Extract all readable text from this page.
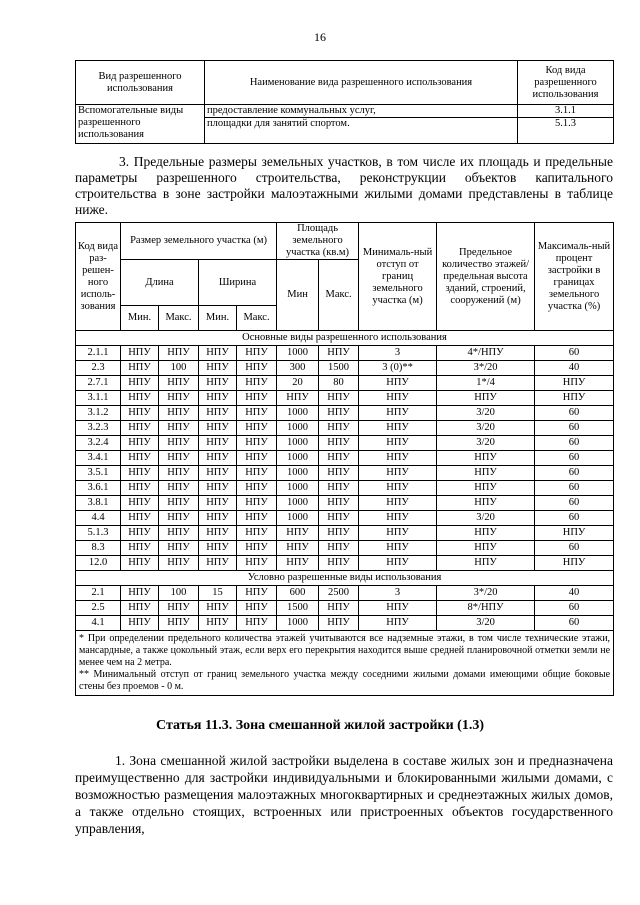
16
Вид разрешенного использования	Наименование вида разрешенного использования	Код вида разрешенного использования
Вспомогательные виды разрешенного использования	предоставление коммунальных услуг,	3.1.1
	площадки для занятий спортом.	5.1.3

3. Предельные размеры земельных участков, в том числе их площадь и предельные параметры разрешенного строительства, реконструкции объектов капитального строительства в зоне застройки малоэтажными жилыми домами представлены в таблице ниже.

Код вида раз-решен-ного исполь-зования	Размер земельного участка (м)				Площадь земельного участка (кв.м)		Минималь-ный отступ от границ земельного участка (м)	Предельное количество этажей/ предельная высота зданий, строений, сооружений (м)	Максималь-ный процент застройки в границах земельного участка (%)
	Длина		Ширина		Мин	Макс.			
	Мин.	Макс.	Мин.	Макс.					
Основные виды разрешенного использования									
2.1.1	НПУ	НПУ	НПУ	НПУ	1000	НПУ	3	4*/НПУ	60
2.3	НПУ	100	НПУ	НПУ	300	1500	3 (0)**	3*/20	40
2.7.1	НПУ	НПУ	НПУ	НПУ	20	80	НПУ	1*/4	НПУ
3.1.1	НПУ	НПУ	НПУ	НПУ	НПУ	НПУ	НПУ	НПУ	НПУ
3.1.2	НПУ	НПУ	НПУ	НПУ	1000	НПУ	НПУ	3/20	60
3.2.3	НПУ	НПУ	НПУ	НПУ	1000	НПУ	НПУ	3/20	60
3.2.4	НПУ	НПУ	НПУ	НПУ	1000	НПУ	НПУ	3/20	60
3.4.1	НПУ	НПУ	НПУ	НПУ	1000	НПУ	НПУ	НПУ	60
3.5.1	НПУ	НПУ	НПУ	НПУ	1000	НПУ	НПУ	НПУ	60
3.6.1	НПУ	НПУ	НПУ	НПУ	1000	НПУ	НПУ	НПУ	60
3.8.1	НПУ	НПУ	НПУ	НПУ	1000	НПУ	НПУ	НПУ	60
4.4	НПУ	НПУ	НПУ	НПУ	1000	НПУ	НПУ	3/20	60
5.1.3	НПУ	НПУ	НПУ	НПУ	НПУ	НПУ	НПУ	НПУ	НПУ
8.3	НПУ	НПУ	НПУ	НПУ	НПУ	НПУ	НПУ	НПУ	60
12.0	НПУ	НПУ	НПУ	НПУ	НПУ	НПУ	НПУ	НПУ	НПУ
Условно разрешенные виды использования									
2.1	НПУ	100	15	НПУ	600	2500	3	3*/20	40
2.5	НПУ	НПУ	НПУ	НПУ	1500	НПУ	НПУ	8*/НПУ	60
4.1	НПУ	НПУ	НПУ	НПУ	1000	НПУ	НПУ	3/20	60

* При определении предельного количества этажей учитываются все надземные этажи, в том числе технические этажи, мансардные, а также цокольный этаж, если верх его перекрытия находится выше средней планировочной отметки земли не менее чем на 2 метра.
** Минимальный отступ от границ земельного участка между соседними жилыми домами имеющими общие боковые стены без проемов - 0 м.									
Статья 11.3. Зона смешанной жилой застройки (1.3)

1. Зона смешанной жилой застройки выделена в составе жилых зон и предназначена преимущественно для застройки индивидуальными и блокированными жилыми домами, с возможностью размещения малоэтажных многоквартирных и среднеэтажных жилых домов, а также отдельно стоящих, встроенных или пристроенных объектов государственного управления,
